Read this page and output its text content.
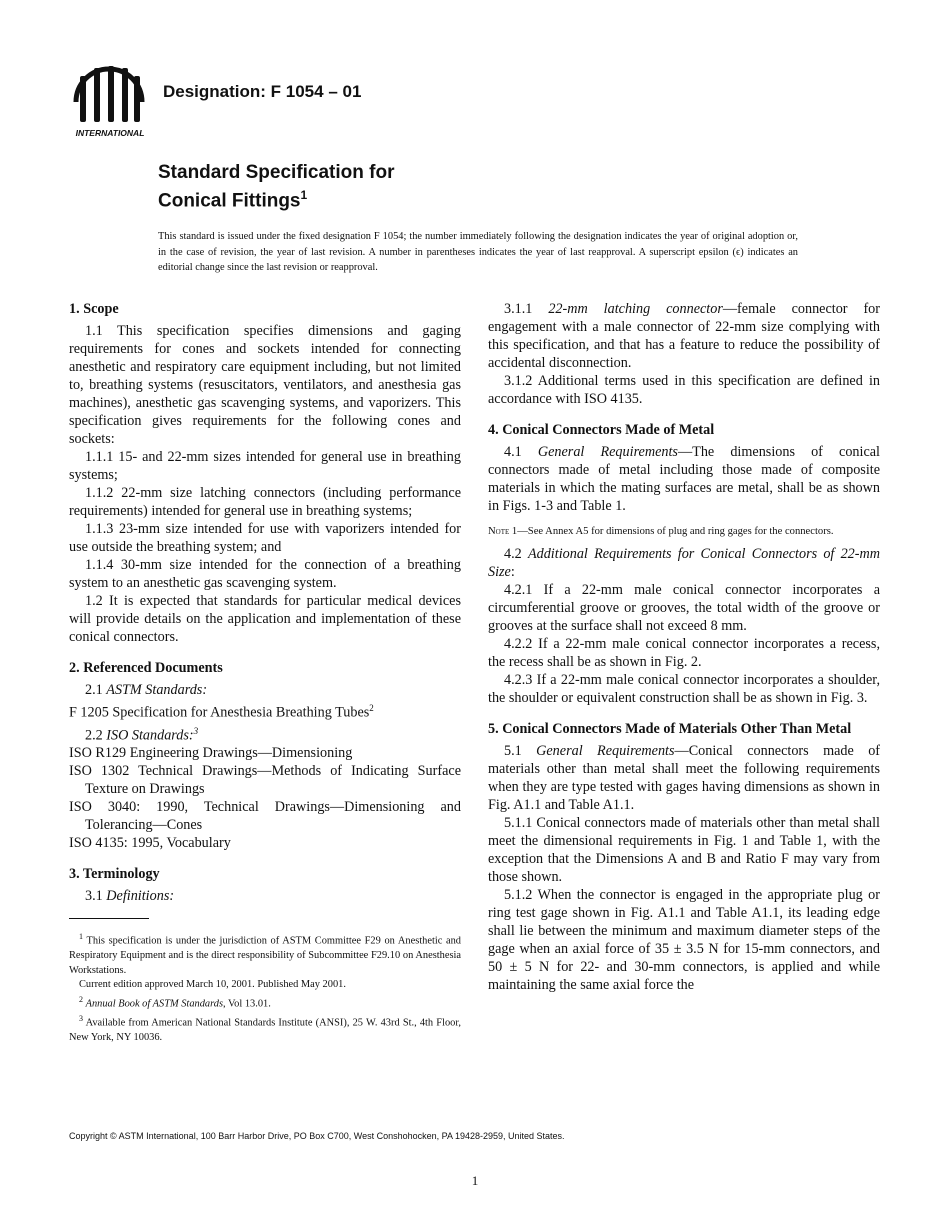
INTERNATIONAL
Designation: F 1054 – 01
Standard Specification for
Conical Fittings$^1$
This standard is issued under the fixed designation F 1054; the number immediately following the designation indicates the year of original adoption or, in the case of revision, the year of last revision. A number in parentheses indicates the year of last reapproval. A superscript epsilon (ϵ) indicates an editorial change since the last revision or reapproval.
1. Scope

1.1 This specification specifies dimensions and gaging requirements for cones and sockets intended for connecting anesthetic and respiratory care equipment including, but not limited to, breathing systems (resuscitators, ventilators, and anesthesia gas machines), anesthetic gas scavenging systems, and vaporizers. This specification gives requirements for the following cones and sockets:

1.1.1 15- and 22-mm sizes intended for general use in breathing systems;

1.1.2 22-mm size latching connectors (including performance requirements) intended for general use in breathing systems;

1.1.3 23-mm size intended for use with vaporizers intended for use outside the breathing system; and

1.1.4 30-mm size intended for the connection of a breathing system to an anesthetic gas scavenging system.

1.2 It is expected that standards for particular medical devices will provide details on the application and implementation of these conical connectors.

2. Referenced Documents

2.1 ASTM Standards:

F 1205 Specification for Anesthesia Breathing Tubes$^2$

2.2 ISO Standards:$^3$

ISO R129 Engineering Drawings—Dimensioning

ISO 1302 Technical Drawings—Methods of Indicating Surface Texture on Drawings

ISO 3040: 1990, Technical Drawings—Dimensioning and Tolerancing—Cones

ISO 4135: 1995, Vocabulary

3. Terminology

3.1 Definitions:

$^1$ This specification is under the jurisdiction of ASTM Committee F29 on Anesthetic and Respiratory Equipment and is the direct responsibility of Subcommittee F29.10 on Anesthesia Workstations.

Current edition approved March 10, 2001. Published May 2001.

$^2$ Annual Book of ASTM Standards, Vol 13.01.

$^3$ Available from American National Standards Institute (ANSI), 25 W. 43rd St., 4th Floor, New York, NY 10036.

3.1.1 22-mm latching connector—female connector for engagement with a male connector of 22-mm size complying with this specification, and that has a feature to reduce the possibility of accidental disconnection.

3.1.2 Additional terms used in this specification are defined in accordance with ISO 4135.

4. Conical Connectors Made of Metal

4.1 General Requirements—The dimensions of conical connectors made of metal including those made of composite materials in which the mating surfaces are metal, shall be as shown in Figs. 1-3 and Table 1.

Note 1—See Annex A5 for dimensions of plug and ring gages for the connectors.

4.2 Additional Requirements for Conical Connectors of 22-mm Size:

4.2.1 If a 22-mm male conical connector incorporates a circumferential groove or grooves, the total width of the groove or grooves at the surface shall not exceed 8 mm.

4.2.2 If a 22-mm male conical connector incorporates a recess, the recess shall be as shown in Fig. 2.

4.2.3 If a 22-mm male conical connector incorporates a shoulder, the shoulder or equivalent construction shall be as shown in Fig. 3.

5. Conical Connectors Made of Materials Other Than Metal

5.1 General Requirements—Conical connectors made of materials other than metal shall meet the following requirements when they are type tested with gages having dimensions as shown in Fig. A1.1 and Table A1.1.

5.1.1 Conical connectors made of materials other than metal shall meet the dimensional requirements in Fig. 1 and Table 1, with the exception that the Dimensions A and B and Ratio F may vary from those shown.

5.1.2 When the connector is engaged in the appropriate plug or ring test gage shown in Fig. A1.1 and Table A1.1, its leading edge shall lie between the minimum and maximum diameter steps of the gage when an axial force of 35 ± 3.5 N for 15-mm connectors, and 50 ± 5 N for 22- and 30-mm connectors, is applied and while maintaining the same axial force the

Copyright © ASTM International, 100 Barr Harbor Drive, PO Box C700, West Conshohocken, PA 19428-2959, United States.
1
